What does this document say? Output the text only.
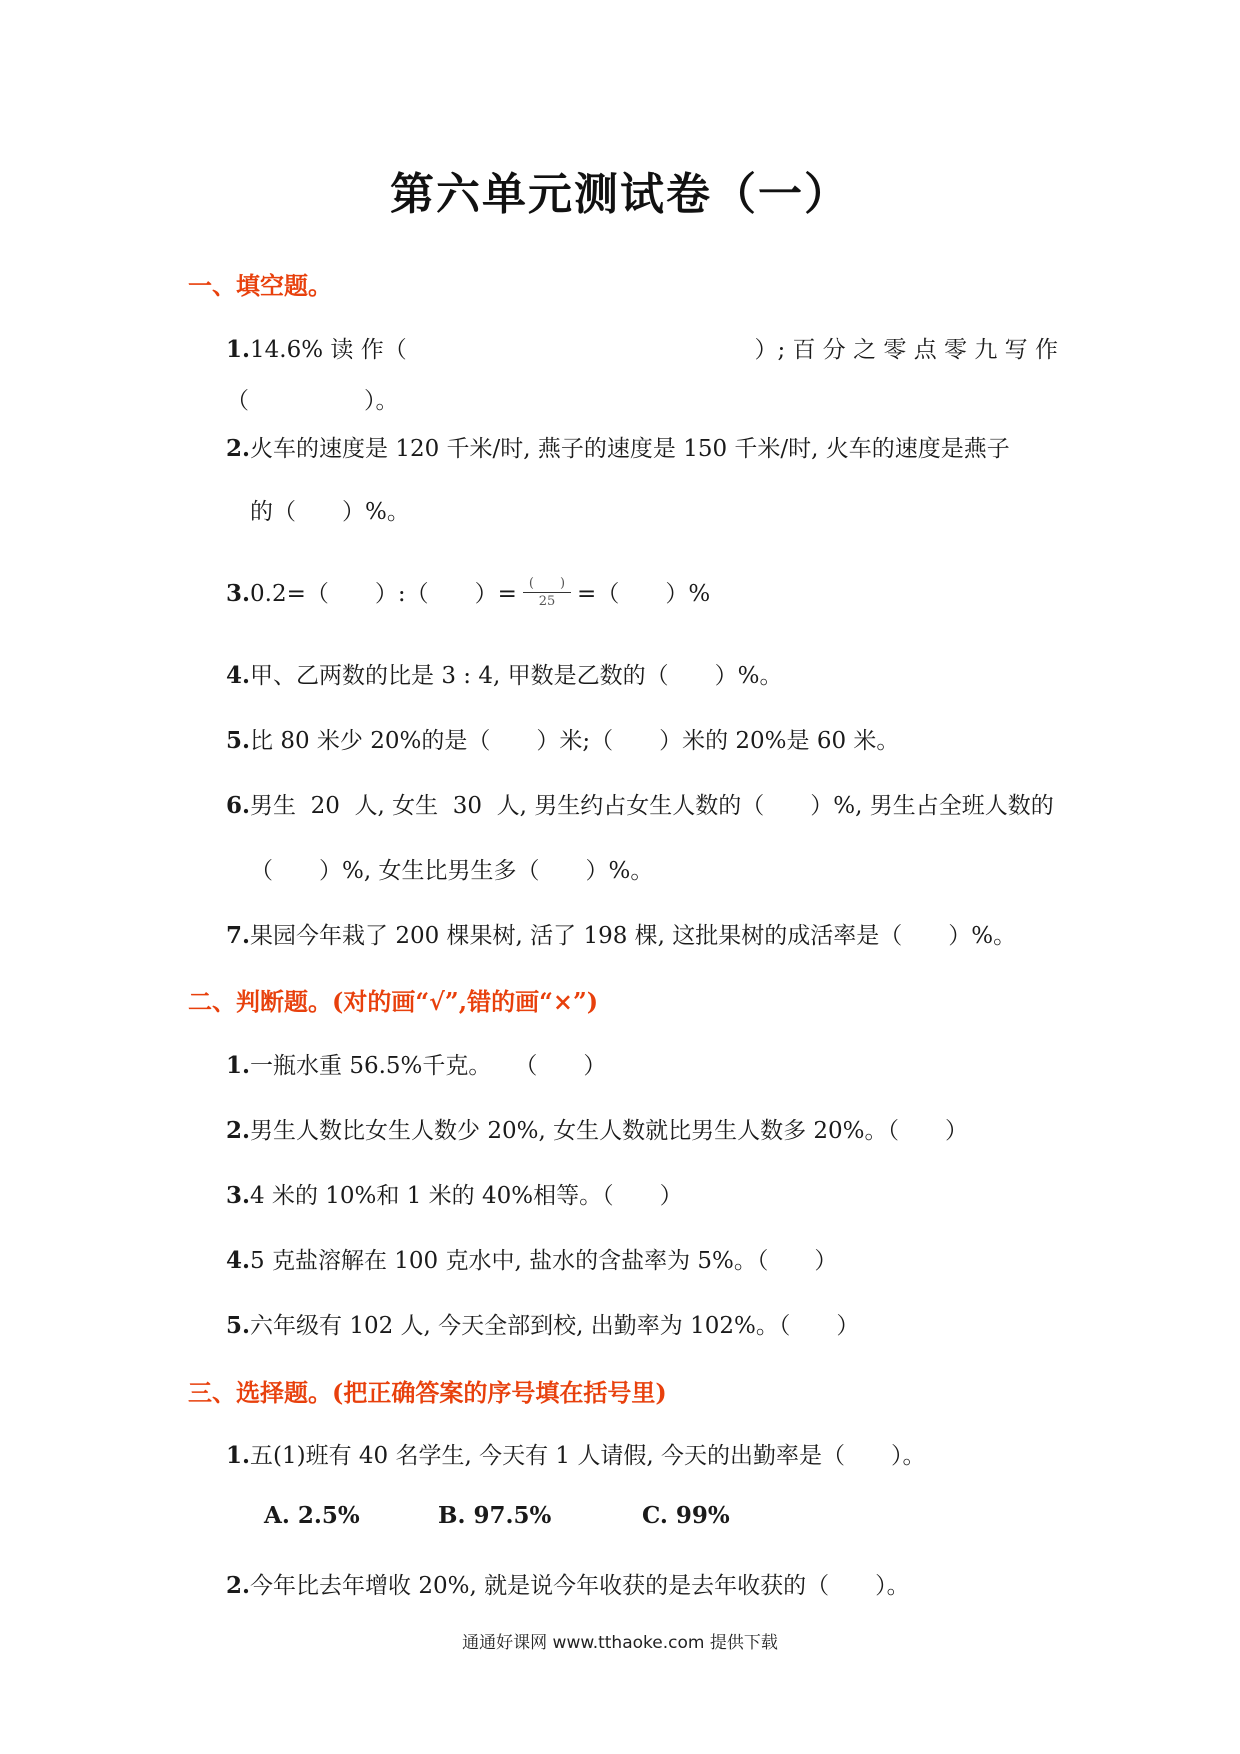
第六单元测试卷（一）
一、填空题。
1.14.6% 读 作（	）; 百 分 之 零 点 零 九 写 作
（　　　　　）。
2.火车的速度是 120 千米/时, 燕子的速度是 150 千米/时, 火车的速度是燕子
的（　　）%。
3.0.2=（　　）:（　　）= $\frac{( )}{25}$ =（　　）%
4.甲、乙两数的比是 3 : 4, 甲数是乙数的（　　）%。
5.比 80 米少 20%的是（　　）米;（　　）米的 20%是 60 米。
6.男生  20  人, 女生  30  人, 男生约占女生人数的（　　）%, 男生占全班人数的
（　　）%, 女生比男生多（　　）%。
7.果园今年栽了 200 棵果树, 活了 198 棵, 这批果树的成活率是（　　）%。
二、判断题。(对的画“√”,错的画“×”)
1.一瓶水重 56.5%千克。　　（　　）
2.男生人数比女生人数少 20%, 女生人数就比男生人数多 20%。（　　）
3.4 米的 10%和 1 米的 40%相等。（　　）
4.5 克盐溶解在 100 克水中, 盐水的含盐率为 5%。（　　）
5.六年级有 102 人, 今天全部到校, 出勤率为 102%。（　　）
三、选择题。(把正确答案的序号填在括号里)
1.五(1)班有 40 名学生, 今天有 1 人请假, 今天的出勤率是（　　）。
A. 2.5%	B. 97.5%	C. 99%
2.今年比去年增收 20%, 就是说今年收获的是去年收获的（　　）。
通通好课网 www.tthaoke.com 提供下载
